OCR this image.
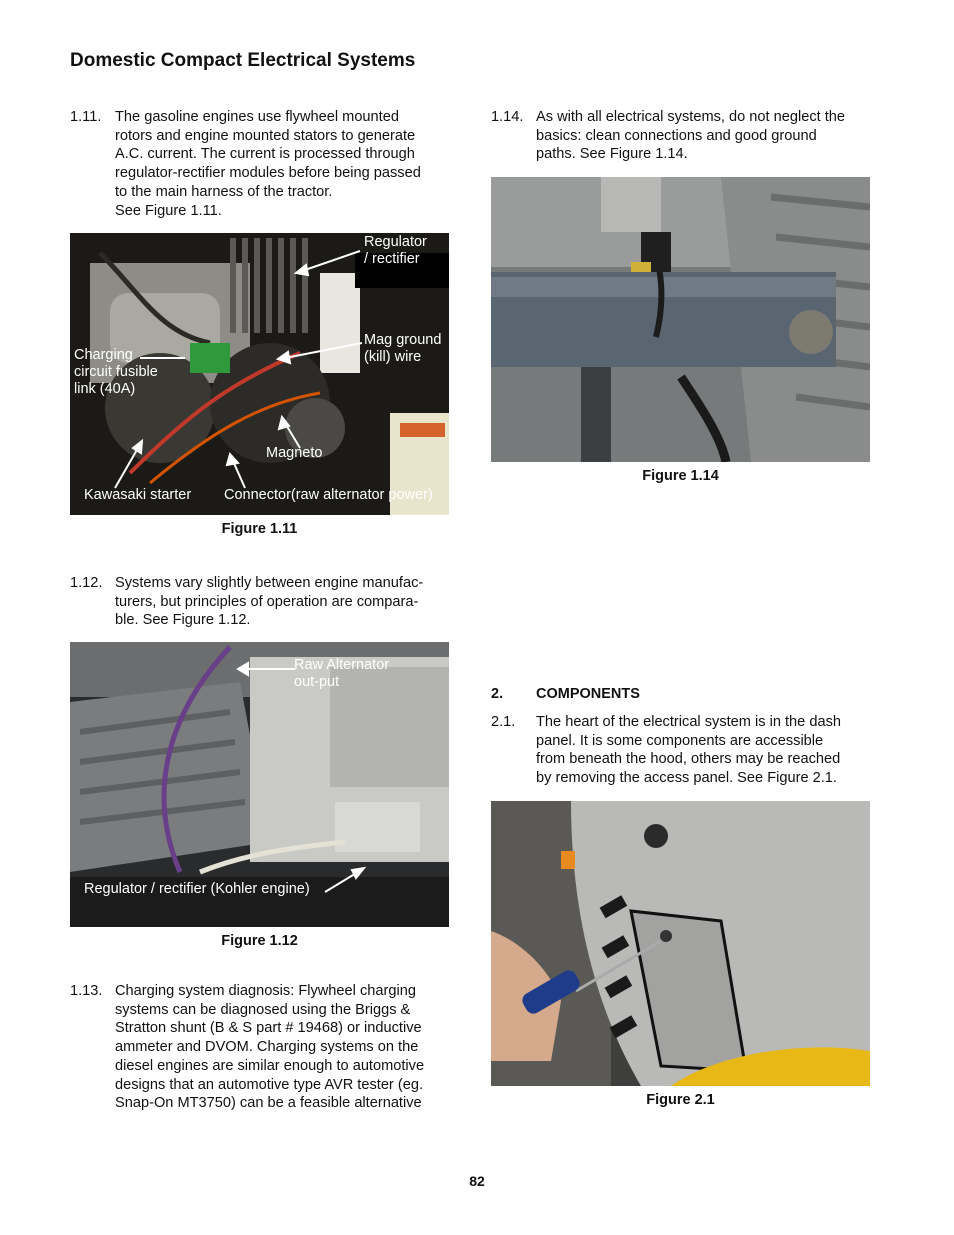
Domestic Compact Electrical Systems
1.11. The gasoline engines use flywheel mounted
rotors and engine mounted stators to generate
A.C. current. The current is processed through
regulator-rectifier modules before being passed
to the main harness of the tractor.
See Figure 1.11.
Regulator
/ rectifier
Mag ground
(kill) wire
Charging
circuit fusible
link (40A)
Magneto
Kawasaki starter Connector(raw alternator power)
Figure 1.11
1.12. Systems vary slightly between engine manufac-
turers, but principles of operation are compara-
ble. See Figure 1.12.
Raw Alternator
out-put
Regulator / rectifier (Kohler engine)
Figure 1.12
1.13. Charging system diagnosis: Flywheel charging
systems can be diagnosed using the Briggs &
Stratton shunt (B & S part # 19468) or inductive
ammeter and DVOM. Charging systems on the
diesel engines are similar enough to automotive
designs that an automotive type AVR tester (eg.
Snap-On MT3750) can be a feasible alternative
1.14. As with all electrical systems, do not neglect the
basics: clean connections and good ground
paths. See Figure 1.14.
Figure 1.14
2. COMPONENTS
2.1. The heart of the electrical system is in the dash
panel. It is some components are accessible
from beneath the hood, others may be reached
by removing the access panel. See Figure 2.1.
Figure 2.1
82
